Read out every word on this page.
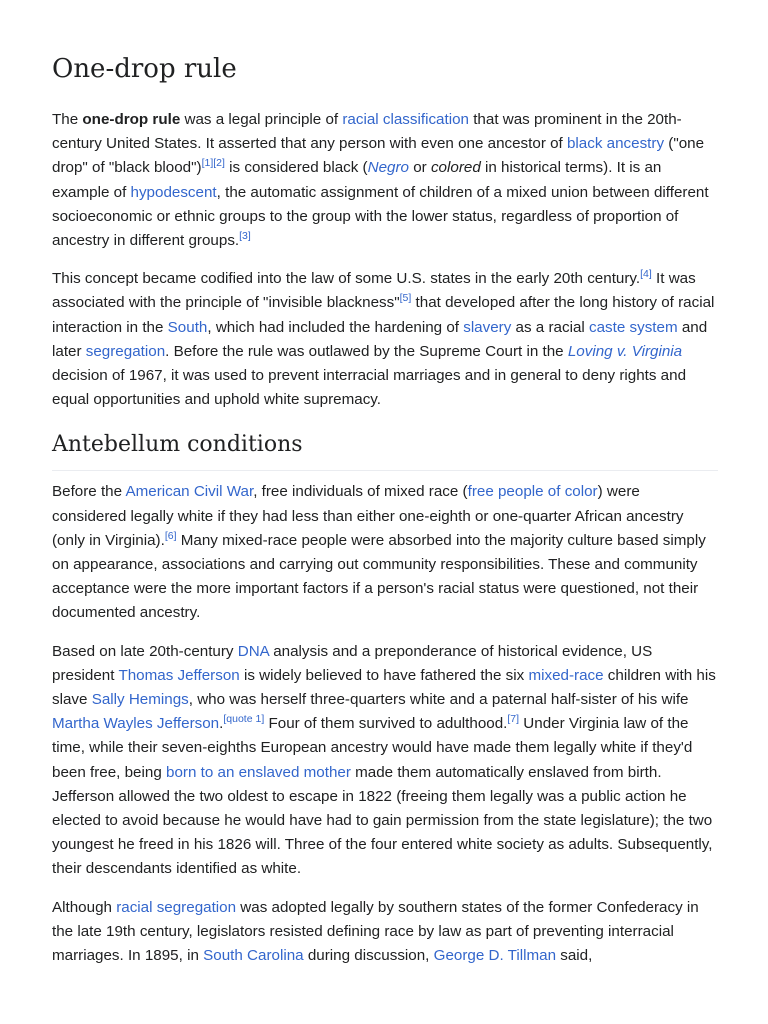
One-drop rule

The one-drop rule was a legal principle of racial classification that was prominent in the 20th-century United States. It asserted that any person with even one ancestor of black ancestry ("one drop" of "black blood")[1][2] is considered black (Negro or colored in historical terms). It is an example of hypodescent, the automatic assignment of children of a mixed union between different socioeconomic or ethnic groups to the group with the lower status, regardless of proportion of ancestry in different groups.[3]

This concept became codified into the law of some U.S. states in the early 20th century.[4] It was associated with the principle of "invisible blackness"[5] that developed after the long history of racial interaction in the South, which had included the hardening of slavery as a racial caste system and later segregation. Before the rule was outlawed by the Supreme Court in the Loving v. Virginia decision of 1967, it was used to prevent interracial marriages and in general to deny rights and equal opportunities and uphold white supremacy.

Antebellum conditions

Before the American Civil War, free individuals of mixed race (free people of color) were considered legally white if they had less than either one-eighth or one-quarter African ancestry (only in Virginia).[6] Many mixed-race people were absorbed into the majority culture based simply on appearance, associations and carrying out community responsibilities. These and community acceptance were the more important factors if a person's racial status were questioned, not their documented ancestry.

Based on late 20th-century DNA analysis and a preponderance of historical evidence, US president Thomas Jefferson is widely believed to have fathered the six mixed-race children with his slave Sally Hemings, who was herself three-quarters white and a paternal half-sister of his wife Martha Wayles Jefferson.[quote 1] Four of them survived to adulthood.[7] Under Virginia law of the time, while their seven-eighths European ancestry would have made them legally white if they'd been free, being born to an enslaved mother made them automatically enslaved from birth. Jefferson allowed the two oldest to escape in 1822 (freeing them legally was a public action he elected to avoid because he would have had to gain permission from the state legislature); the two youngest he freed in his 1826 will. Three of the four entered white society as adults. Subsequently, their descendants identified as white.

Although racial segregation was adopted legally by southern states of the former Confederacy in the late 19th century, legislators resisted defining race by law as part of preventing interracial marriages. In 1895, in South Carolina during discussion, George D. Tillman said,
